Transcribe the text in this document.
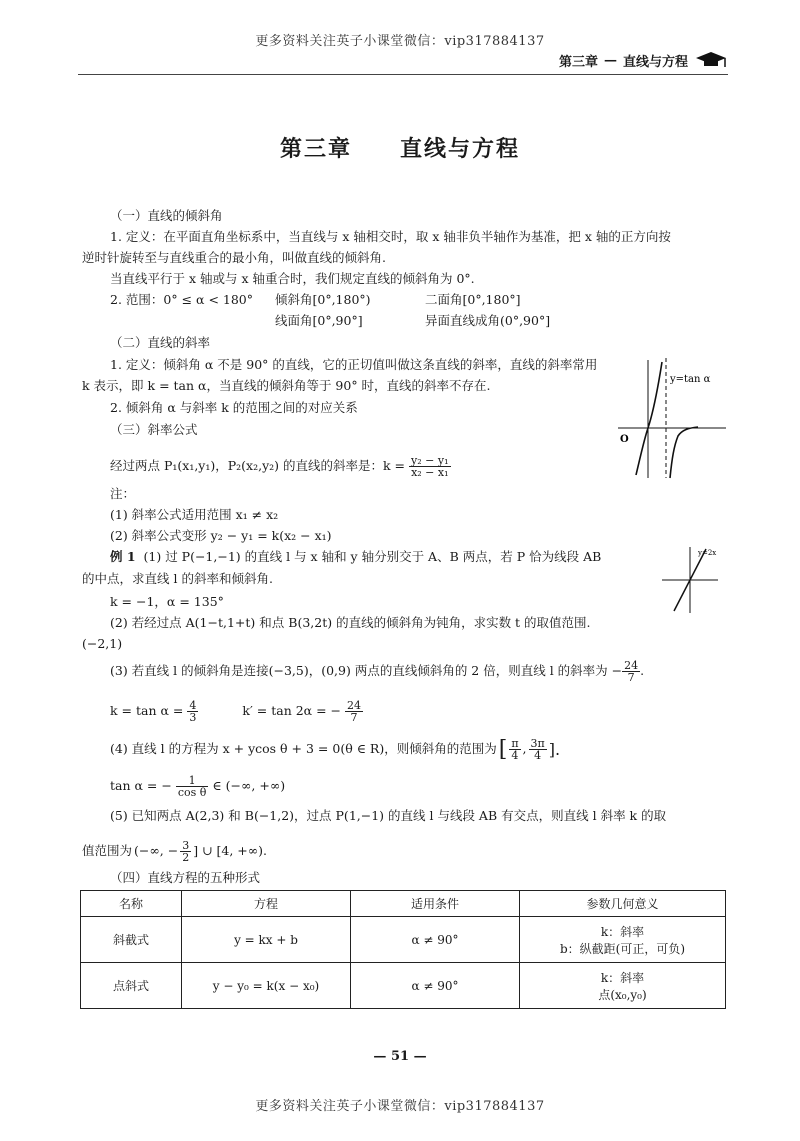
更多资料关注英子小课堂微信：vip317884137
第三章 — 直线与方程
第三章　　直线与方程
（一）直线的倾斜角
1. 定义：在平面直角坐标系中，当直线与 x 轴相交时，取 x 轴非负半轴作为基准，把 x 轴的正方向按
逆时针旋转至与直线重合的最小角，叫做直线的倾斜角.
当直线平行于 x 轴或与 x 轴重合时，我们规定直线的倾斜角为 0°.
2. 范围：0° ≤ α < 180° 倾斜角[0°,180°)	二面角[0°,180°]
线面角[0°,90°]	异面直线成角(0°,90°]
（二）直线的斜率
1. 定义：倾斜角 α 不是 90° 的直线，它的正切值叫做这条直线的斜率，直线的斜率常用
k 表示，即 k = tan α，当直线的倾斜角等于 90° 时，直线的斜率不存在.
2. 倾斜角 α 与斜率 k 的范围之间的对应关系
y=tan α
O
（三）斜率公式
经过两点 P₁(x₁,y₁)，P₂(x₂,y₂) 的直线的斜率是：$k = \frac{\text{y₂ − y₁}}{\text{x₂ − x₁}}$
注：
(1) 斜率公式适用范围 x₁ ≠ x₂
(2) 斜率公式变形 y₂ − y₁ = k(x₂ − x₁)
例 1 (1) 过 P(−1,−1) 的直线 l 与 x 轴和 y 轴分别交于 A、B 两点，若 P 恰为线段 AB
的中点，求直线 l 的斜率和倾斜角.
k = −1，α = 135°
y=2x
(2) 若经过点 A(1−t,1+t) 和点 B(3,2t) 的直线的倾斜角为钝角，求实数 t 的取值范围.
(−2,1)
(3) 若直线 l 的倾斜角是连接(−3,5)，(0,9) 两点的直线倾斜角的 2 倍，则直线 l 的斜率为 − $\frac{24}{7}$ .
$k = \tan \alpha = \frac{4}{3}$	k′ = tan 2α = − $\frac{24}{7}$
(4) 直线 l 的方程为 x + ycos θ + 3 = 0(θ ∈ R)，则倾斜角的范围为 [ $\frac{\pi}{4}$ , $\frac{3\pi}{4}$ ].
tan α = − $\frac{1}{\text{cos θ}}$ ∈ (−∞, +∞)
(5) 已知两点 A(2,3) 和 B(−1,2)，过点 P(1,−1) 的直线 l 与线段 AB 有交点，则直线 l 斜率 k 的取
值范围为 (−∞, − $\frac{3}{2}$ ] ∪ [4, +∞).
（四）直线方程的五种形式
名称	方程	适用条件	参数几何意义
斜截式	y = kx + b	α ≠ 90°	k：斜率
b：纵截距(可正，可负)

点斜式	y − y₀ = k(x − x₀)	α ≠ 90°	k：斜率
点(x₀,y₀)
— 51 —
更多资料关注英子小课堂微信：vip317884137
